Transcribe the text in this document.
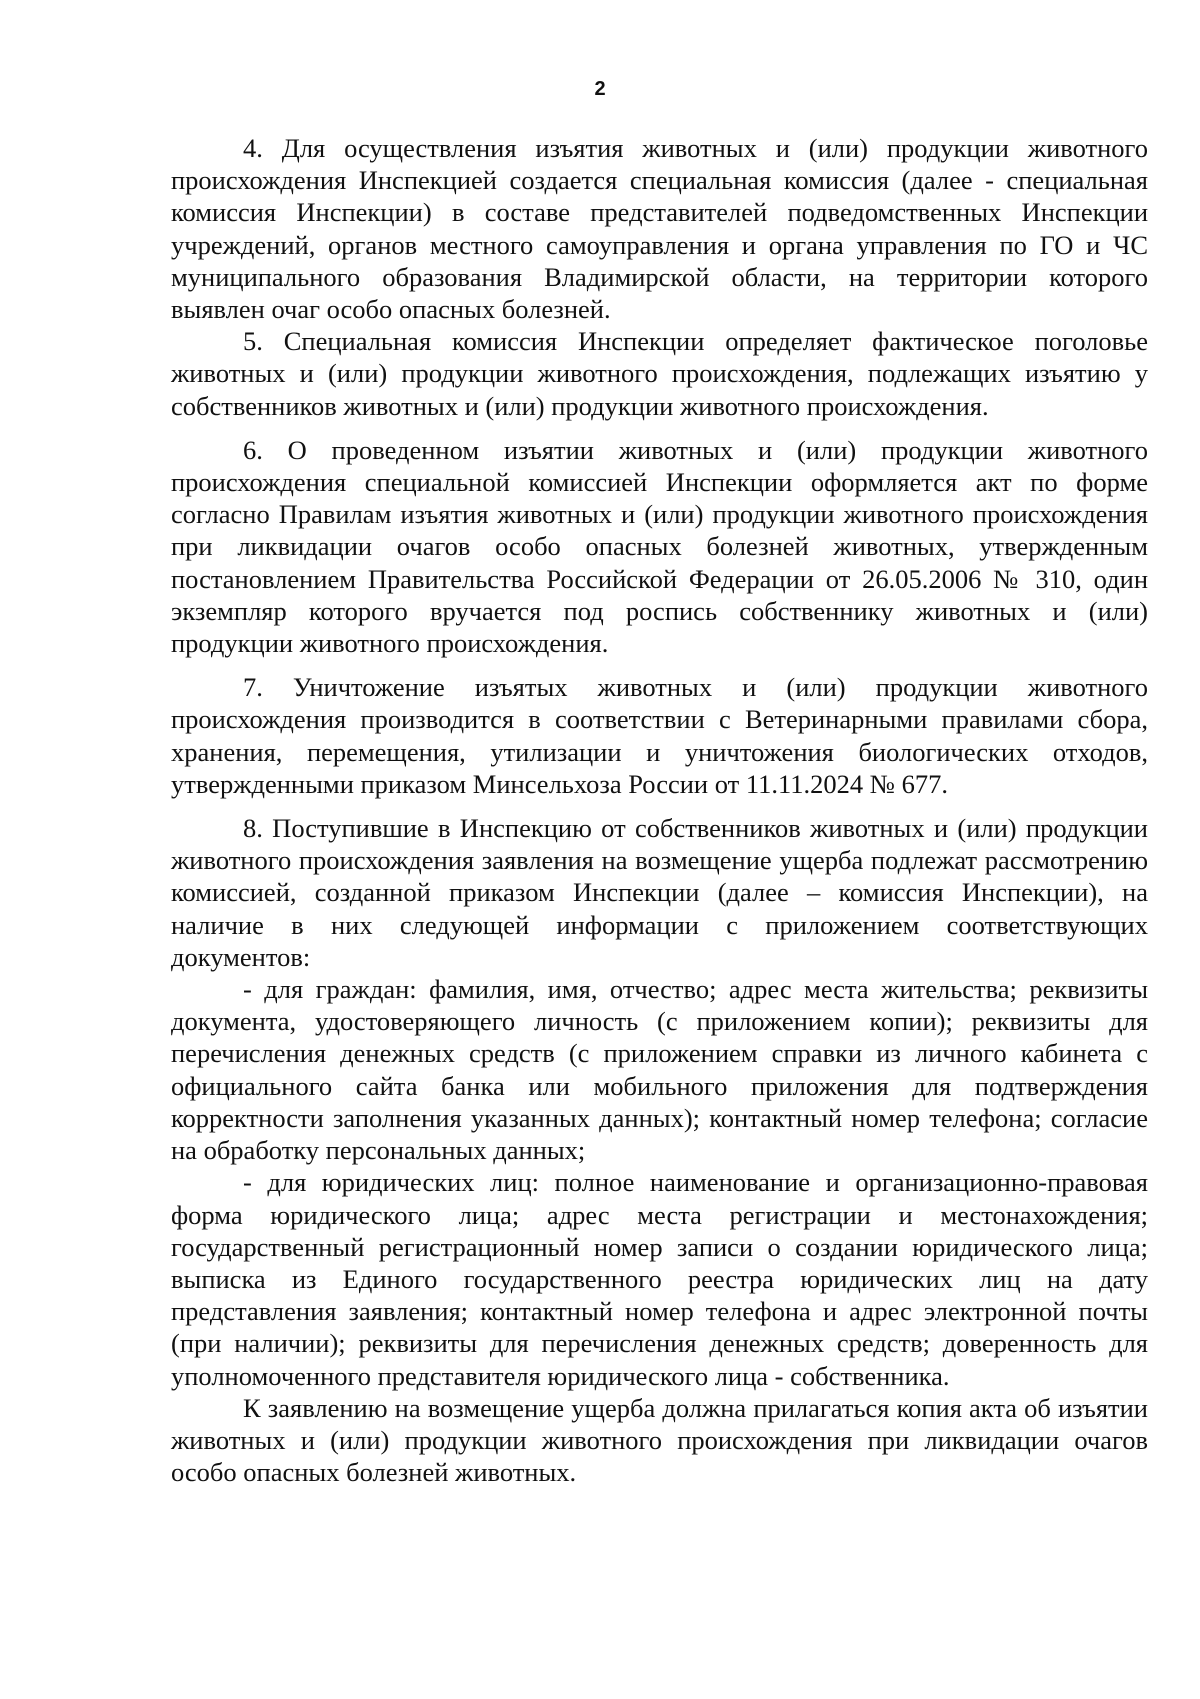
2

4. Для осуществления изъятия животных и (или) продукции животного происхождения Инспекцией создается специальная комиссия (далее - специальная комиссия Инспекции) в составе представителей подведомственных Инспекции учреждений, органов местного самоуправления и органа управления по ГО и ЧС муниципального образования Владимирской области, на территории которого выявлен очаг особо опасных болезней.

5. Специальная комиссия Инспекции определяет фактическое поголовье животных и (или) продукции животного происхождения, подлежащих изъятию у собственников животных и (или) продукции животного происхождения.

6. О проведенном изъятии животных и (или) продукции животного происхождения специальной комиссией Инспекции оформляется акт по форме согласно Правилам изъятия животных и (или) продукции животного происхождения при ликвидации очагов особо опасных болезней животных, утвержденным постановлением Правительства Российской Федерации от 26.05.2006 № 310, один экземпляр которого вручается под роспись собственнику животных и (или) продукции животного происхождения.

7. Уничтожение изъятых животных и (или) продукции животного происхождения производится в соответствии с Ветеринарными правилами сбора, хранения, перемещения, утилизации и уничтожения биологических отходов, утвержденными приказом Минсельхоза России от 11.11.2024 № 677.

8. Поступившие в Инспекцию от собственников животных и (или) продукции животного происхождения заявления на возмещение ущерба подлежат рассмотрению комиссией, созданной приказом Инспекции (далее – комиссия Инспекции), на наличие в них следующей информации с приложением соответствующих документов:

- для граждан: фамилия, имя, отчество; адрес места жительства; реквизиты документа, удостоверяющего личность (с приложением копии); реквизиты для перечисления денежных средств (с приложением справки из личного кабинета с официального сайта банка или мобильного приложения для подтверждения корректности заполнения указанных данных); контактный номер телефона; согласие на обработку персональных данных;

- для юридических лиц: полное наименование и организационно-правовая форма юридического лица; адрес места регистрации и местонахождения; государственный регистрационный номер записи о создании юридического лица; выписка из Единого государственного реестра юридических лиц на дату представления заявления; контактный номер телефона и адрес электронной почты (при наличии); реквизиты для перечисления денежных средств; доверенность для уполномоченного представителя юридического лица - собственника.

К заявлению на возмещение ущерба должна прилагаться копия акта об изъятии животных и (или) продукции животного происхождения при ликвидации очагов особо опасных болезней животных.
